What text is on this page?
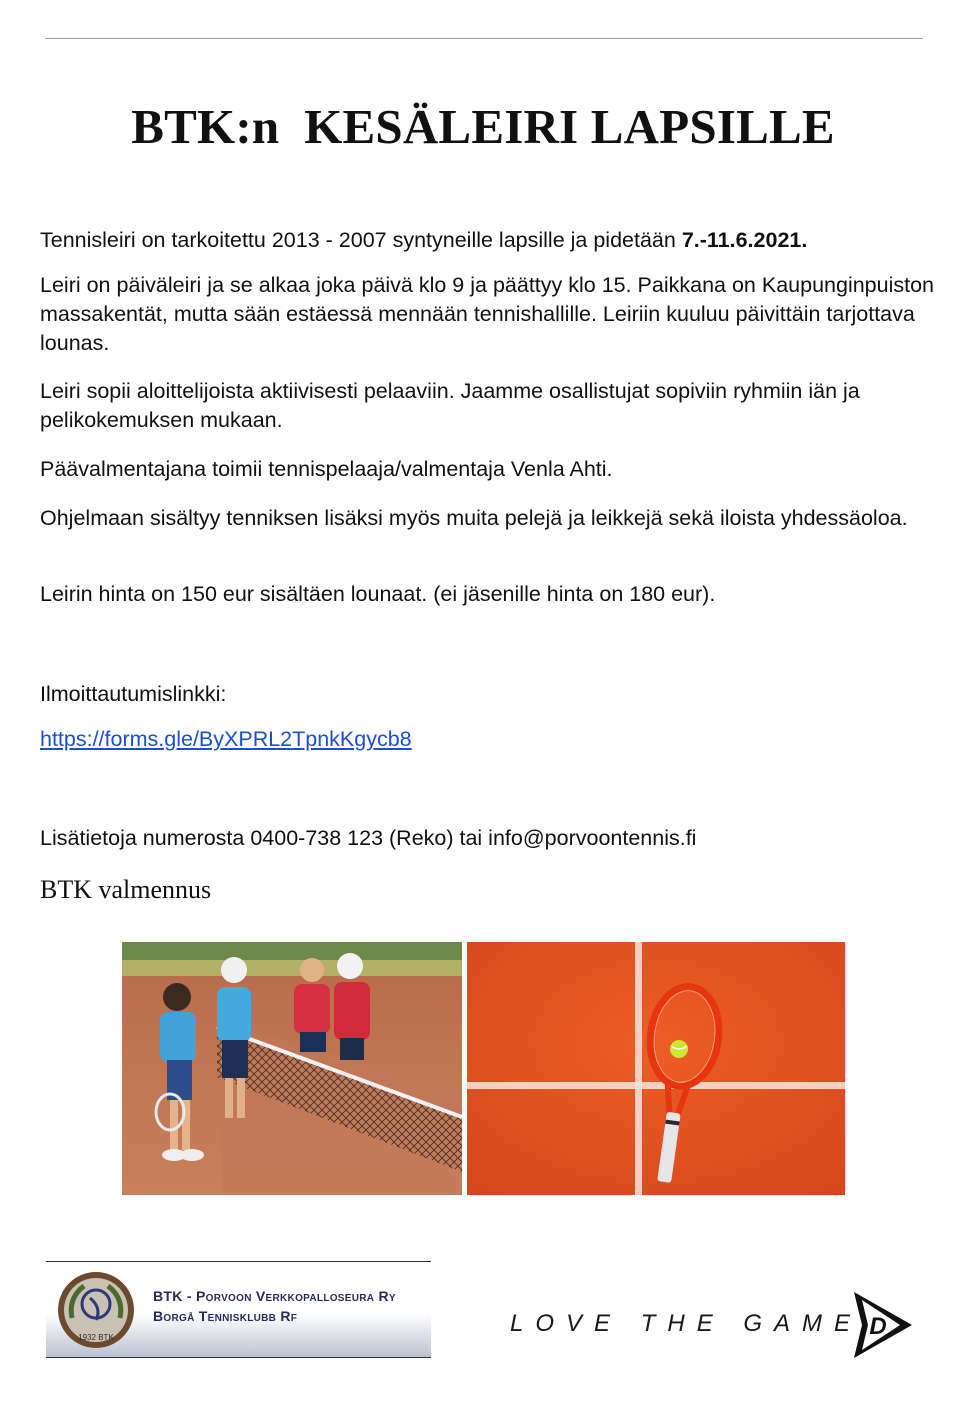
BTK:n  KESÄLEIRI LAPSILLE
Tennisleiri on tarkoitettu 2013 - 2007 syntyneille lapsille ja pidetään 7.-11.6.2021.
Leiri on päiväleiri ja se alkaa joka päivä klo 9 ja päättyy klo 15. Paikkana on Kaupunginpuiston massakentät, mutta sään estäessä mennään tennishallille. Leiriin kuuluu päivittäin tarjottava lounas.
Leiri sopii aloittelijoista aktiivisesti pelaaviin. Jaamme osallistujat sopiviin ryhmiin iän ja pelikokemuksen mukaan.
Päävalmentajana toimii tennispelaaja/valmentaja Venla Ahti.
Ohjelmaan sisältyy tenniksen lisäksi myös muita pelejä ja leikkejä sekä iloista yhdessäoloa.
Leirin hinta on 150 eur sisältäen lounaat. (ei jäsenille hinta on 180 eur).
Ilmoittautumislinkki:
https://forms.gle/ByXPRL2TpnkKgycb8
Lisätietoja numerosta 0400-738 123 (Reko) tai info@porvoontennis.fi
BTK valmennus
1932 BTK
BTK - Porvoon Verkkopalloseura Ry
Borgå Tennisklubb Rf	LOVE THE GAME D
